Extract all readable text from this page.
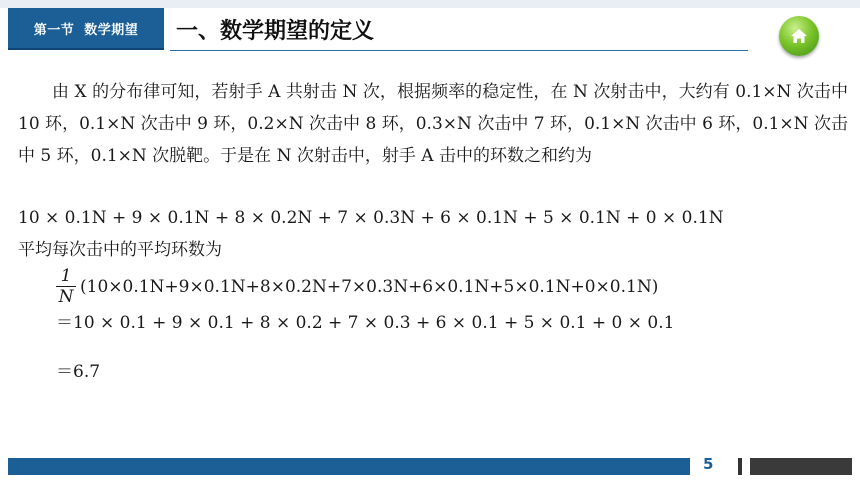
第一节 数学期望 一、数学期望的定义

由 X 的分布律可知，若射手 A 共射击 N 次，根据频率的稳定性，在 N 次射击中，大约有 0.1×N 次击中 10 环，0.1×N 次击中 9 环，0.2×N 次击中 8 环，0.3×N 次击中 7 环，0.1×N 次击中 6 环，0.1×N 次击中 5 环，0.1×N 次脱靶。于是在 N 次射击中，射手 A 击中的环数之和约为

10 × 0.1N + 9 × 0.1N + 8 × 0.2N + 7 × 0.3N + 6 × 0.1N + 5 × 0.1N + 0 × 0.1N

平均每次击中的平均环数为

$\frac{1}{N} (10\times 0.1N+9\times 0.1N+8\times 0.2N+7\times 0.3N+6\times 0.1N+5\times 0.1N+0\times 0.1N)$

＝10 × 0.1 + 9 × 0.1 + 8 × 0.2 + 7 × 0.3 + 6 × 0.1 + 5 × 0.1 + 0 × 0.1

＝6.7

5
